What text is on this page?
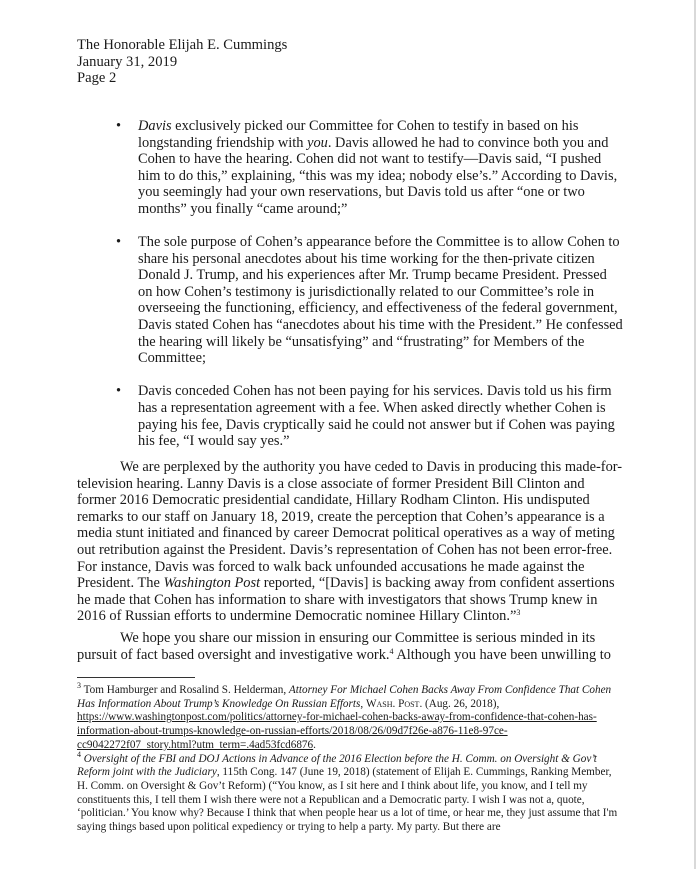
The Honorable Elijah E. Cummings
January 31, 2019
Page 2
• Davis exclusively picked our Committee for Cohen to testify in based on his longstanding friendship with you. Davis allowed he had to convince both you and Cohen to have the hearing. Cohen did not want to testify—Davis said, “I pushed him to do this,” explaining, “this was my idea; nobody else’s.” According to Davis, you seemingly had your own reservations, but Davis told us after “one or two months” you finally “came around;”
• The sole purpose of Cohen’s appearance before the Committee is to allow Cohen to share his personal anecdotes about his time working for the then-private citizen Donald J. Trump, and his experiences after Mr. Trump became President. Pressed on how Cohen’s testimony is jurisdictionally related to our Committee’s role in overseeing the functioning, efficiency, and effectiveness of the federal government, Davis stated Cohen has “anecdotes about his time with the President.” He confessed the hearing will likely be “unsatisfying” and “frustrating” for Members of the Committee;
• Davis conceded Cohen has not been paying for his services. Davis told us his firm has a representation agreement with a fee. When asked directly whether Cohen is paying his fee, Davis cryptically said he could not answer but if Cohen was paying his fee, “I would say yes.”
We are perplexed by the authority you have ceded to Davis in producing this made-for-television hearing. Lanny Davis is a close associate of former President Bill Clinton and former 2016 Democratic presidential candidate, Hillary Rodham Clinton. His undisputed remarks to our staff on January 18, 2019, create the perception that Cohen’s appearance is a media stunt initiated and financed by career Democrat political operatives as a way of meting out retribution against the President. Davis’s representation of Cohen has not been error-free. For instance, Davis was forced to walk back unfounded accusations he made against the President. The Washington Post reported, “[Davis] is backing away from confident assertions he made that Cohen has information to share with investigators that shows Trump knew in 2016 of Russian efforts to undermine Democratic nominee Hillary Clinton.”$^3$
We hope you share our mission in ensuring our Committee is serious minded in its pursuit of fact based oversight and investigative work.$^4$ Although you have been unwilling to

$^3$ Tom Hamburger and Rosalind S. Helderman, Attorney For Michael Cohen Backs Away From Confidence That Cohen Has Information About Trump’s Knowledge On Russian Efforts, Wash. Post. (Aug. 26, 2018), https://www.washingtonpost.com/politics/attorney-for-michael-cohen-backs-away-from-confidence-that-cohen-has-information-about-trumps-knowledge-on-russian-efforts/2018/08/26/09d7f26e-a876-11e8-97ce-cc9042272f07_story.html?utm_term=.4ad53fcd6876.

$^4$ Oversight of the FBI and DOJ Actions in Advance of the 2016 Election before the H. Comm. on Oversight & Gov’t Reform joint with the Judiciary, 115th Cong. 147 (June 19, 2018) (statement of Elijah E. Cummings, Ranking Member, H. Comm. on Oversight & Gov’t Reform) (“You know, as I sit here and I think about life, you know, and I tell my constituents this, I tell them I wish there were not a Republican and a Democratic party. I wish I was not a, quote, ‘politician.’ You know why? Because I think that when people hear us a lot of time, or hear me, they just assume that I'm saying things based upon political expediency or trying to help a party. My party. But there are
